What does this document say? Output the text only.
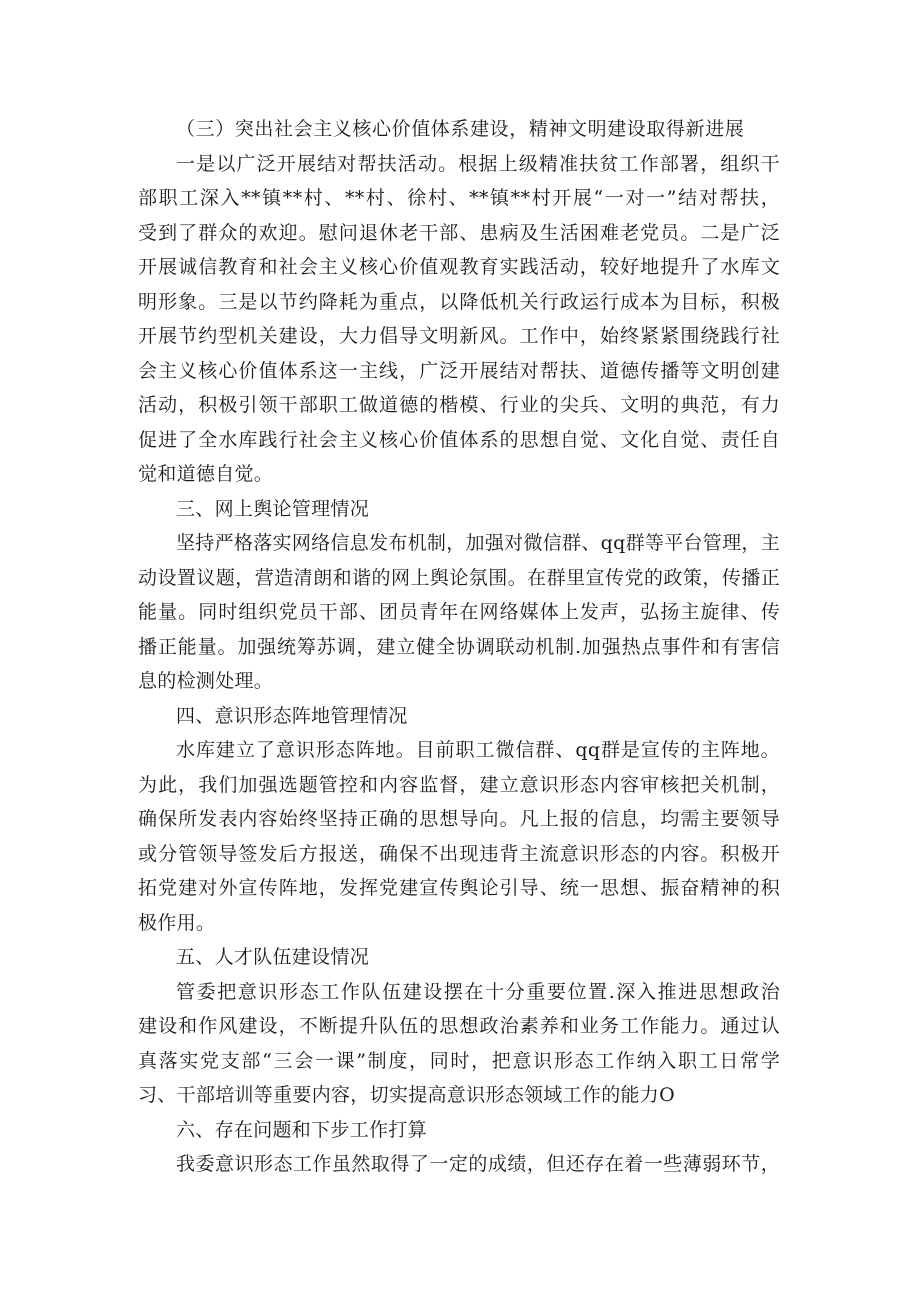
（三）突出社会主义核心价值体系建设，精神文明建设取得新进展
一是以广泛开展结对帮扶活动。根据上级精准扶贫工作部署，组织干
部职工深入**镇**村、**村、徐村、**镇**村开展“一对一”结对帮扶，
受到了群众的欢迎。慰问退休老干部、患病及生活困难老党员。二是广泛
开展诚信教育和社会主义核心价值观教育实践活动，较好地提升了水库文
明形象。三是以节约降耗为重点，以降低机关行政运行成本为目标，积极
开展节约型机关建设，大力倡导文明新风。工作中，始终紧紧围绕践行社
会主义核心价值体系这一主线，广泛开展结对帮扶、道德传播等文明创建
活动，积极引领干部职工做道德的楷模、行业的尖兵、文明的典范，有力
促进了全水库践行社会主义核心价值体系的思想自觉、文化自觉、责任自
觉和道德自觉。
三、网上舆论管理情况
坚持严格落实网络信息发布机制，加强对微信群、qq群等平台管理，主
动设置议题，营造清朗和谐的网上舆论氛围。在群里宣传党的政策，传播正
能量。同时组织党员干部、团员青年在网络媒体上发声，弘扬主旋律、传
播正能量。加强统筹苏调，建立健全协调联动机制.加强热点事件和有害信
息的检测处理。
四、意识形态阵地管理情况
水库建立了意识形态阵地。目前职工微信群、qq群是宣传的主阵地。
为此，我们加强选题管控和内容监督，建立意识形态内容审核把关机制，
确保所发表内容始终坚持正确的思想导向。凡上报的信息，均需主要领导
或分管领导签发后方报送，确保不出现违背主流意识形态的内容。积极开
拓党建对外宣传阵地，发挥党建宣传舆论引导、统一思想、振奋精神的积
极作用。
五、人才队伍建设情况
管委把意识形态工作队伍建设摆在十分重要位置.深入推进思想政治
建设和作风建设，不断提升队伍的思想政治素养和业务工作能力。通过认
真落实党支部“三会一课”制度，同时，把意识形态工作纳入职工日常学
习、干部培训等重要内容，切实提高意识形态领域工作的能力O
六、存在问题和下步工作打算
我委意识形态工作虽然取得了一定的成绩，但还存在着一些薄弱环节，
